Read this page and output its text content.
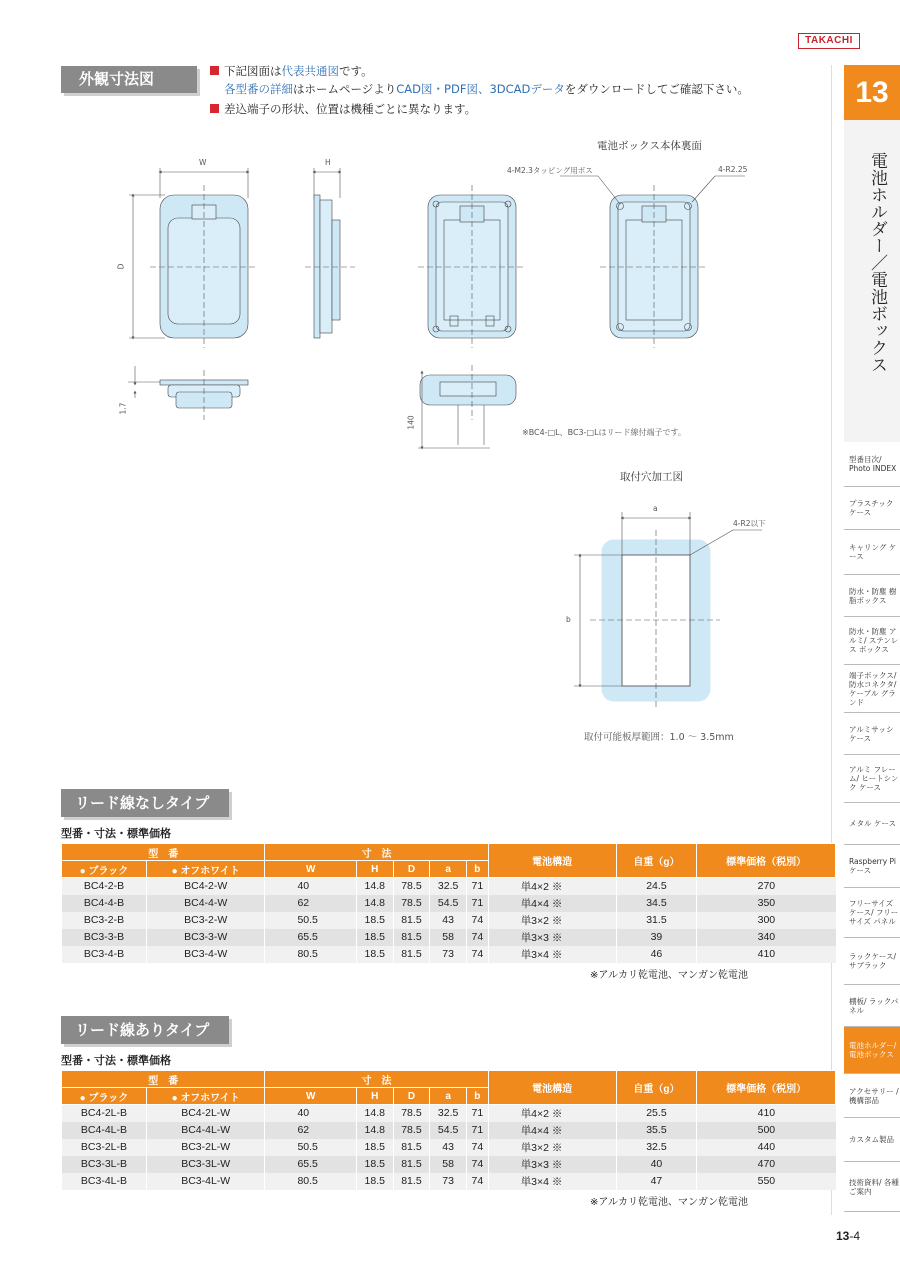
TAKACHI
13
電池ホルダー／電池ボックス
型番目次/ Photo INDEX
プラスチック ケース
キャリング ケース
防水・防塵 樹脂ボックス
防水・防塵 アルミ/ ステンレス ボックス
端子ボックス/ 防水コネクタ/ ケーブル グランド
アルミサッシ ケース
アルミ フレーム/ ヒートシンク ケース
メタル ケース
Raspberry Piケース
フリーサイズ ケース/ フリーサイズ パネル
ラックケース/ サブラック
棚板/ ラックパネル
電池ホルダー/ 電池ボックス
アクセサリー /機構部品
カスタム製品
技術資料/ 各種ご案内
外観寸法図	下記図面は代表共通図です。
各型番の詳細はホームページよりCAD図・PDF図、3DCADデータをダウンロードしてご確認下さい。
差込端子の形状、位置は機種ごとに異なります。
W	H
D
1.7
140
電池ボックス本体裏面
4-M2.3タッピング用ボス	4-R2.25
※BC4-□L、BC3-□Lはリード線付端子です。
取付穴加工図
a
b
4-R2以下
取付可能板厚範囲：1.0 ～ 3.5mm
リード線なしタイプ
型番・寸法・標準価格
型　番		寸　法					電池構造	自重（g）	標準価格（税別）
● ブラック	● オフホワイト	W	H	D	a	b			
BC4-2-B	BC4-2-W	40	14.8	78.5	32.5	71	単4×2 ※	24.5	270
BC4-4-B	BC4-4-W	62	14.8	78.5	54.5	71	単4×4 ※	34.5	350
BC3-2-B	BC3-2-W	50.5	18.5	81.5	43	74	単3×2 ※	31.5	300
BC3-3-B	BC3-3-W	65.5	18.5	81.5	58	74	単3×3 ※	39	340
BC3-4-B	BC3-4-W	80.5	18.5	81.5	73	74	単3×4 ※	46	410
※アルカリ乾電池、マンガン乾電池
リード線ありタイプ
型番・寸法・標準価格
型　番		寸　法					電池構造	自重（g）	標準価格（税別）
● ブラック	● オフホワイト	W	H	D	a	b			
BC4-2L-B	BC4-2L-W	40	14.8	78.5	32.5	71	単4×2 ※	25.5	410
BC4-4L-B	BC4-4L-W	62	14.8	78.5	54.5	71	単4×4 ※	35.5	500
BC3-2L-B	BC3-2L-W	50.5	18.5	81.5	43	74	単3×2 ※	32.5	440
BC3-3L-B	BC3-3L-W	65.5	18.5	81.5	58	74	単3×3 ※	40	470
BC3-4L-B	BC3-4L-W	80.5	18.5	81.5	73	74	単3×4 ※	47	550
※アルカリ乾電池、マンガン乾電池
13-4
